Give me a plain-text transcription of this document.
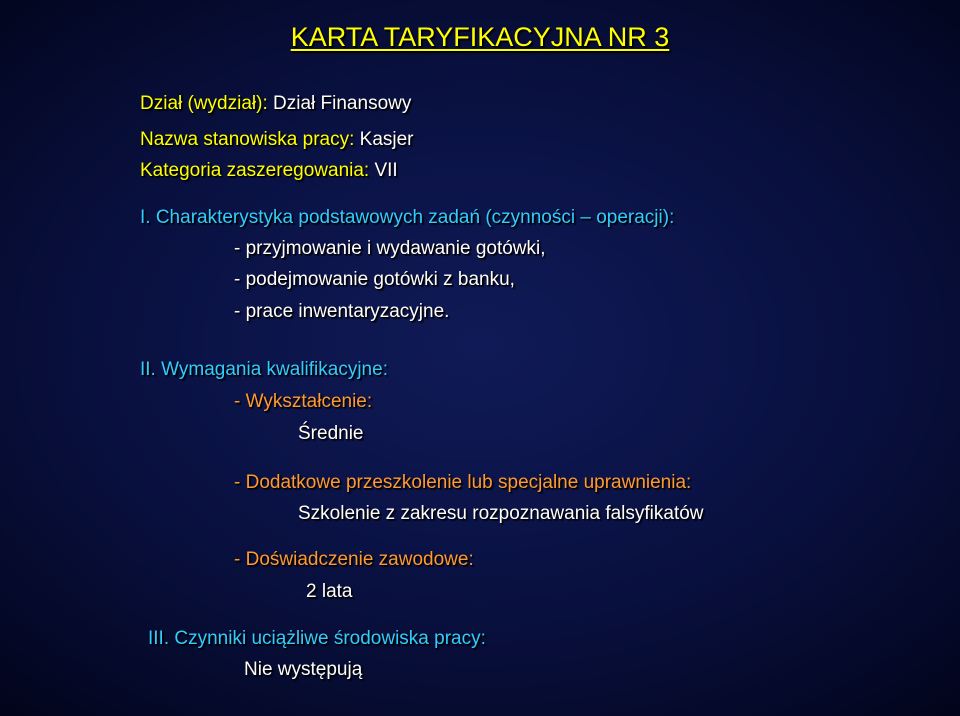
KARTA TARYFIKACYJNA NR 3
Dział (wydział): Dział Finansowy
Nazwa stanowiska pracy: Kasjer
Kategoria zaszeregowania: VII
I. Charakterystyka podstawowych zadań (czynności – operacji):
- przyjmowanie i wydawanie gotówki,
- podejmowanie gotówki z banku,
- prace inwentaryzacyjne.
II. Wymagania kwalifikacyjne:
- Wykształcenie:
Średnie
- Dodatkowe przeszkolenie lub specjalne uprawnienia:
Szkolenie z zakresu rozpoznawania falsyfikatów
- Doświadczenie zawodowe:
2 lata
III. Czynniki uciążliwe środowiska pracy:
Nie występują
